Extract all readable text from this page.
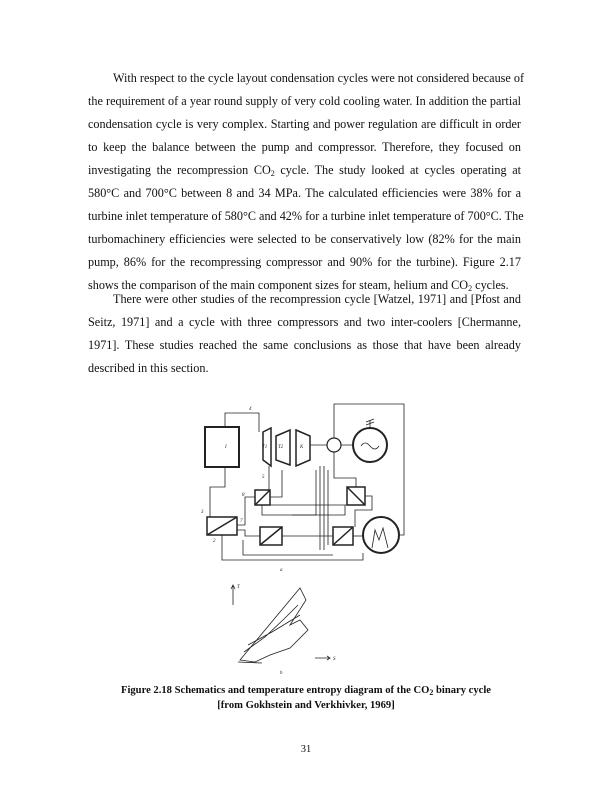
With respect to the cycle layout condensation cycles were not considered because of
the requirement of a year round supply of very cold cooling water. In addition the partial
condensation cycle is very complex. Starting and power regulation are difficult in order
to keep the balance between the pump and compressor. Therefore, they focused on
investigating the recompression $CO_2$ cycle. The study looked at cycles operating at
580°C and 700°C between 8 and 34 MPa. The calculated efficiencies were 38% for a
turbine inlet temperature of 580°C and 42% for a turbine inlet temperature of 700°C. The
turbomachinery efficiencies were selected to be conservatively low (82% for the main
pump, 86% for the recompressing compressor and 90% for the turbine). Figure 2.17
shows the comparison of the main component sizes for steam, helium and $CO_2$ cycles.
There were other studies of the recompression cycle [Watzel, 1971] and [Pfost and
Seitz, 1971] and a cycle with three compressors and two inter-coolers [Chermanne,
1971]. These studies reached the same conclusions as those that have been already
described in this section.
I	T1 T2	K
4
5
3
2
7
8
a
T
S
b
Figure 2.18 Schematics and temperature entropy diagram of the $CO_2$ binary cycle
[from Gokhstein and Verkhivker, 1969]
31
